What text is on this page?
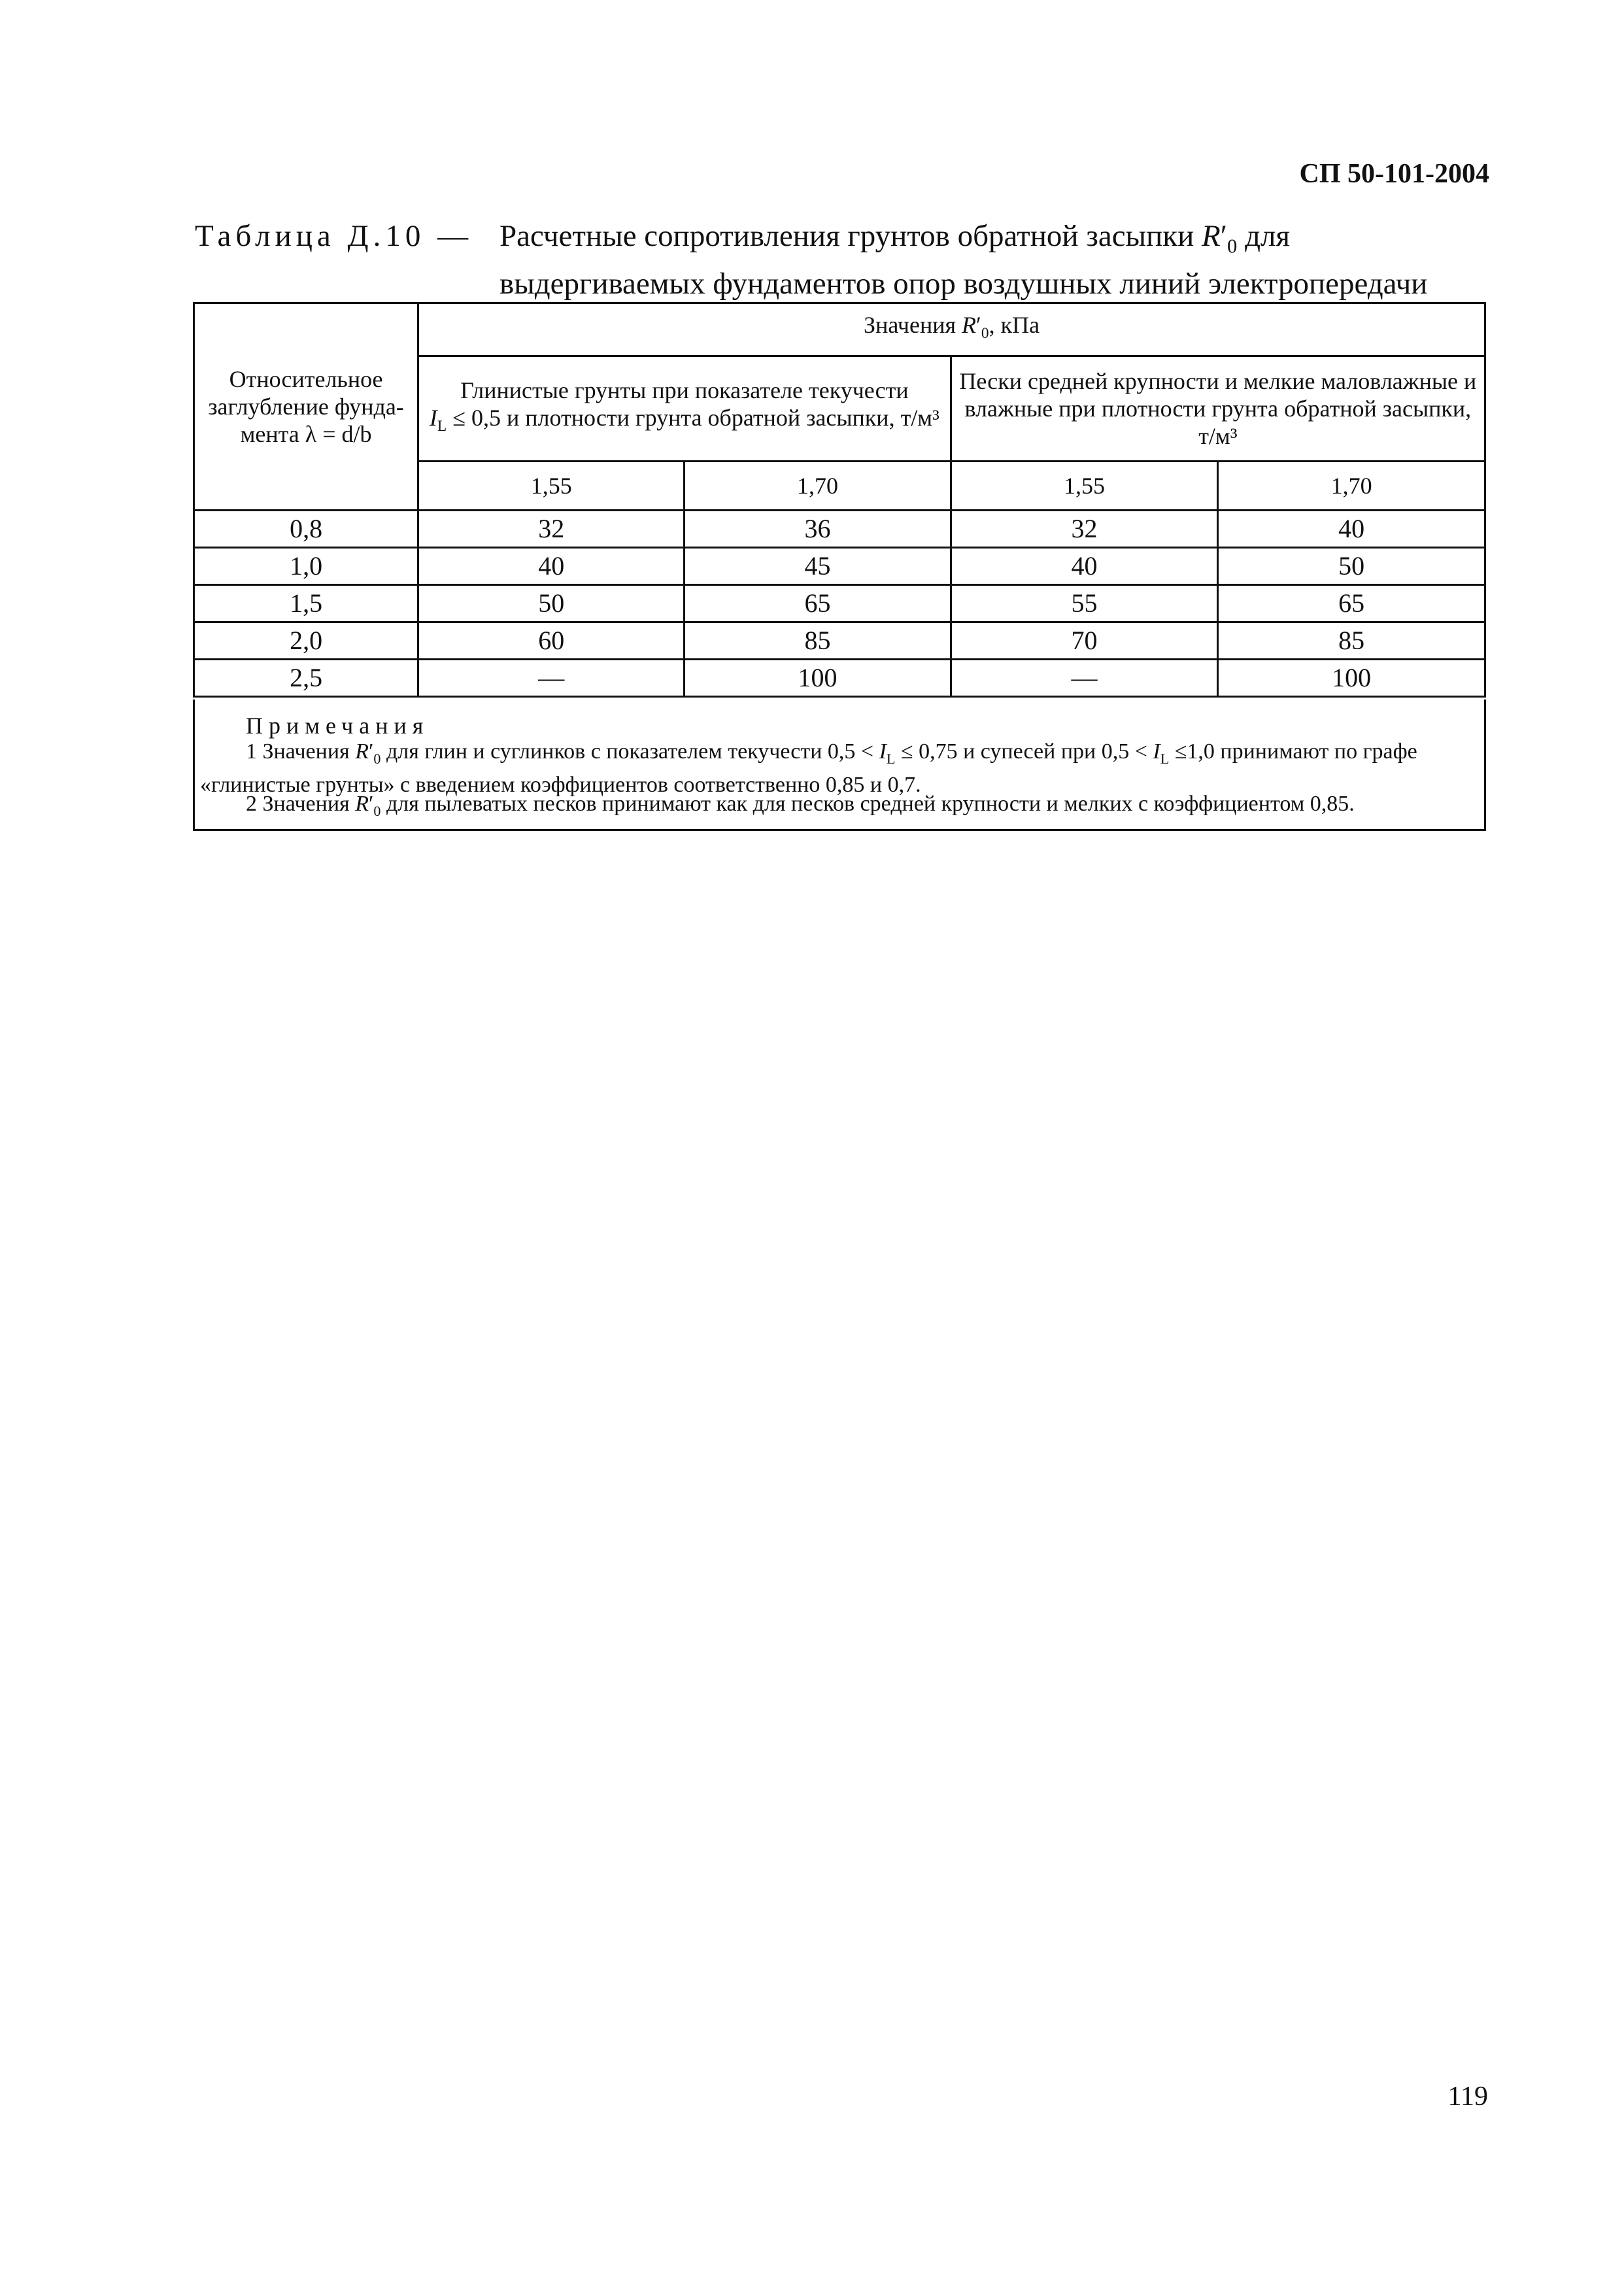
СП 50-101-2004
Таблица Д.10 — Расчетные сопротивления грунтов обратной засыпки $R'_0$ для выдергиваемых фундаментов опор воздушных линий электропередачи
Относительное заглубление фунда-мента λ = d/b	Значения $R'_0$, кПа			
	Глинистые грунты при показателе текучести
$I_L \le 0,5$ и плотности грунта обратной засыпки, т/м³		Пески средней крупности и мелкие маловлажные и влажные при плотности грунта обратной засыпки, т/м³	
	1,55	1,70	1,55	1,70
0,8	32	36	32	40
1,0	40	45	40	50
1,5	50	65	55	65
2,0	60	85	70	85
2,5	—	100	—	100
Примечания
1 Значения $R'_0$ для глин и суглинков с показателем текучести $0,5 < I_L \le 0,75$ и супесей при $0,5 < I_L \le 1,0$ принимают по графе «глинистые грунты» с введением коэффициентов соответственно 0,85 и 0,7.
2 Значения $R'_0$ для пылеватых песков принимают как для песков средней крупности и мелких с коэффициентом 0,85.
119
